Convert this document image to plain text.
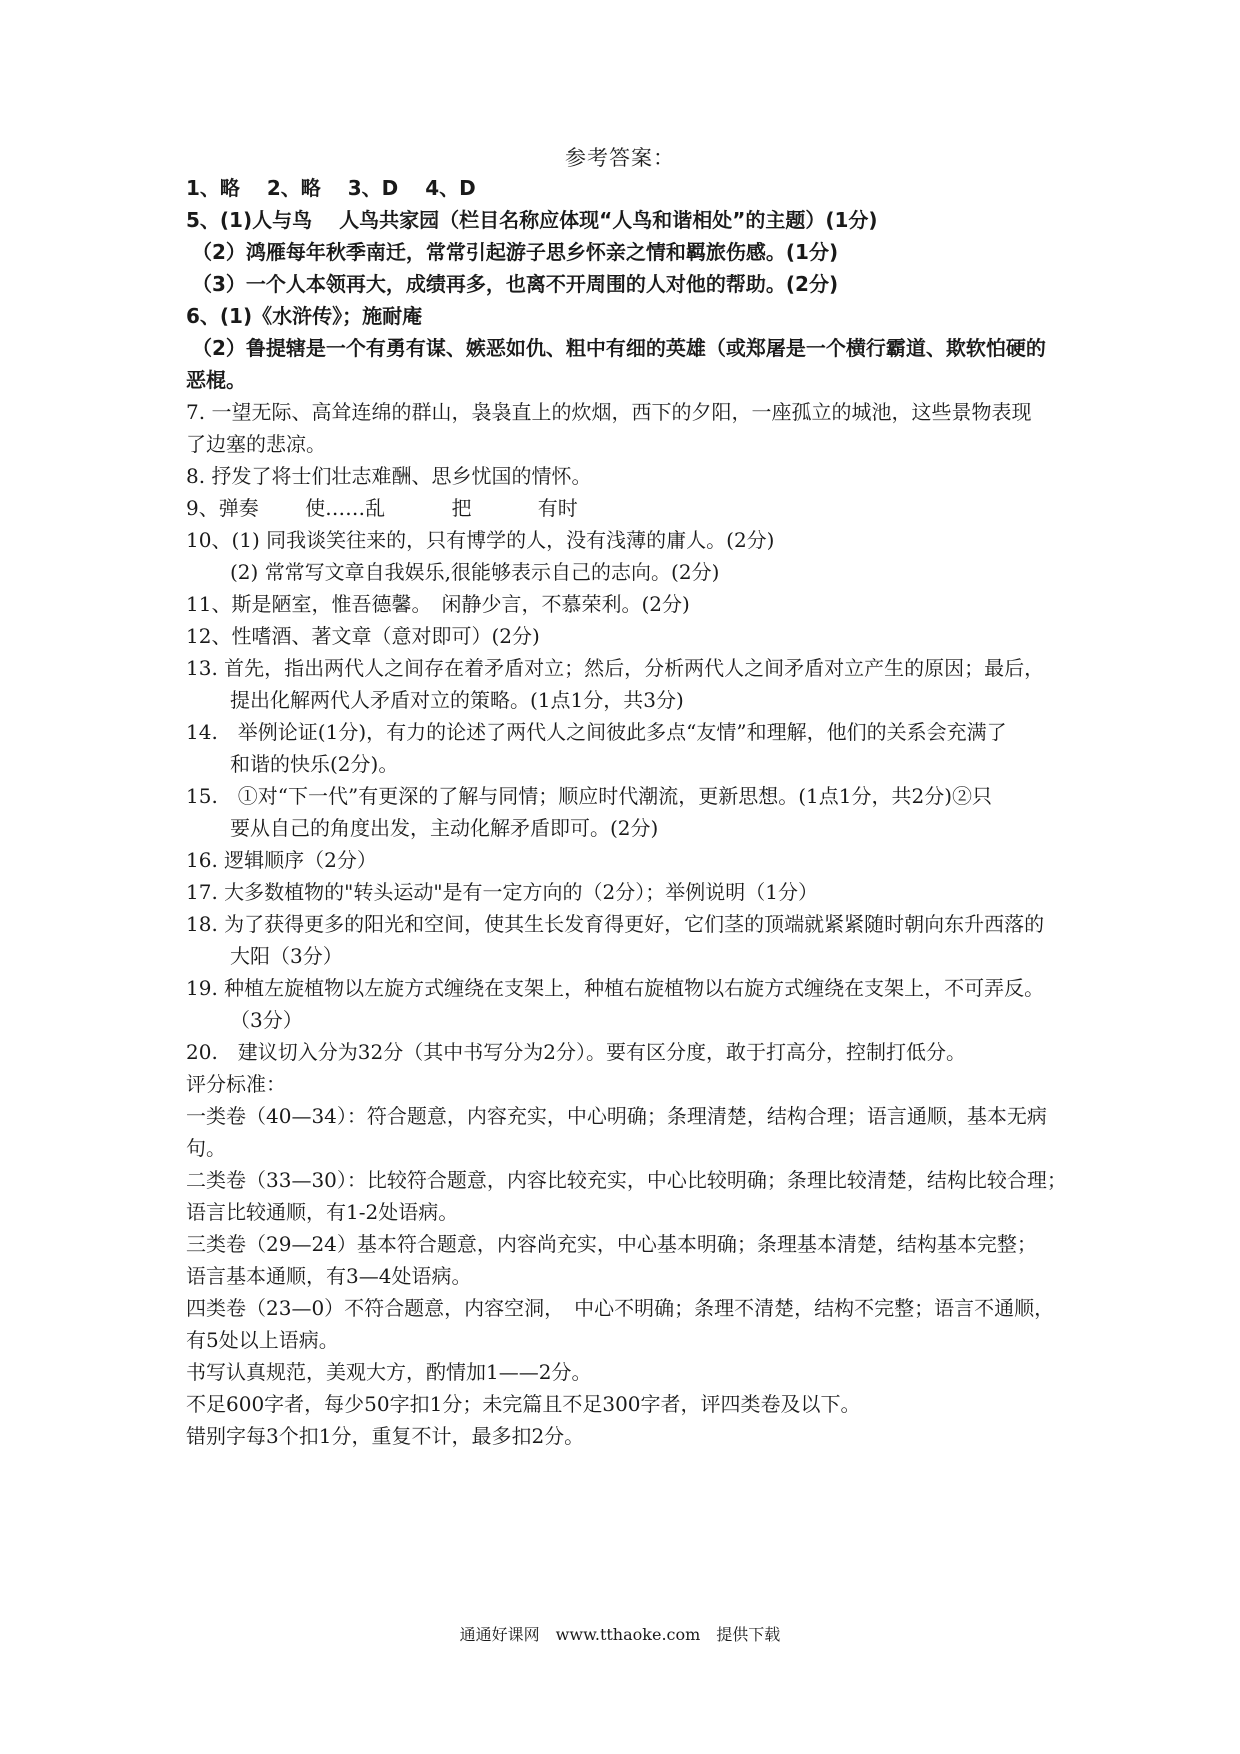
参考答案：
1、略　 2、略　 3、D　 4、D
5、(1)人与鸟　 人鸟共家园（栏目名称应体现“人鸟和谐相处”的主题）(1分)
（2）鸿雁每年秋季南迁，常常引起游子思乡怀亲之情和羁旅伤感。(1分)
（3）一个人本领再大，成绩再多，也离不开周围的人对他的帮助。(2分)
6、(1)《水浒传》；施耐庵
（2）鲁提辖是一个有勇有谋、嫉恶如仇、粗中有细的英雄（或郑屠是一个横行霸道、欺软怕硬的
恶棍。
7. 一望无际、高耸连绵的群山，袅袅直上的炊烟，西下的夕阳，一座孤立的城池，这些景物表现
了边塞的悲凉。
8. 抒发了将士们壮志难酬、思乡忧国的情怀。
9、弹奏　　 使……乱　　　 把　　　 有时
10、(1) 同我谈笑往来的，只有博学的人，没有浅薄的庸人。(2分)
(2) 常常写文章自我娱乐,很能够表示自己的志向。(2分)
11、斯是陋室，惟吾德馨。　闲静少言，不慕荣利。(2分)
12、性嗜酒、著文章（意对即可）(2分)
13. 首先，指出两代人之间存在着矛盾对立；然后，分析两代人之间矛盾对立产生的原因；最后，
提出化解两代人矛盾对立的策略。(1点1分，共3分)
14.　举例论证(1分)，有力的论述了两代人之间彼此多点“友情”和理解，他们的关系会充满了
和谐的快乐(2分)。
15.　①对“下一代”有更深的了解与同情；顺应时代潮流，更新思想。(1点1分，共2分)②只
要从自己的角度出发，主动化解矛盾即可。(2分)
16. 逻辑顺序（2分）
17. 大多数植物的"转头运动"是有一定方向的（2分）；举例说明（1分）
18. 为了获得更多的阳光和空间，使其生长发育得更好，它们茎的顶端就紧紧随时朝向东升西落的
大阳（3分）
19. 种植左旋植物以左旋方式缠绕在支架上，种植右旋植物以右旋方式缠绕在支架上，不可弄反。
（3分）
20.　建议切入分为32分（其中书写分为2分）。要有区分度，敢于打高分，控制打低分。
评分标准：
一类卷（40—34）：符合题意，内容充实，中心明确；条理清楚，结构合理；语言通顺，基本无病
句。
二类卷（33—30）：比较符合题意，内容比较充实，中心比较明确；条理比较清楚，结构比较合理；
语言比较通顺，有1-2处语病。
三类卷（29—24）基本符合题意，内容尚充实，中心基本明确；条理基本清楚，结构基本完整；
语言基本通顺，有3—4处语病。
四类卷（23—0）不符合题意，内容空洞，　中心不明确；条理不清楚，结构不完整；语言不通顺，
有5处以上语病。
书写认真规范，美观大方，酌情加1——2分。
不足600字者，每少50字扣1分；未完篇且不足300字者，评四类卷及以下。
错别字每3个扣1分，重复不计，最多扣2分。
通通好课网　www.tthaoke.com　提供下载
